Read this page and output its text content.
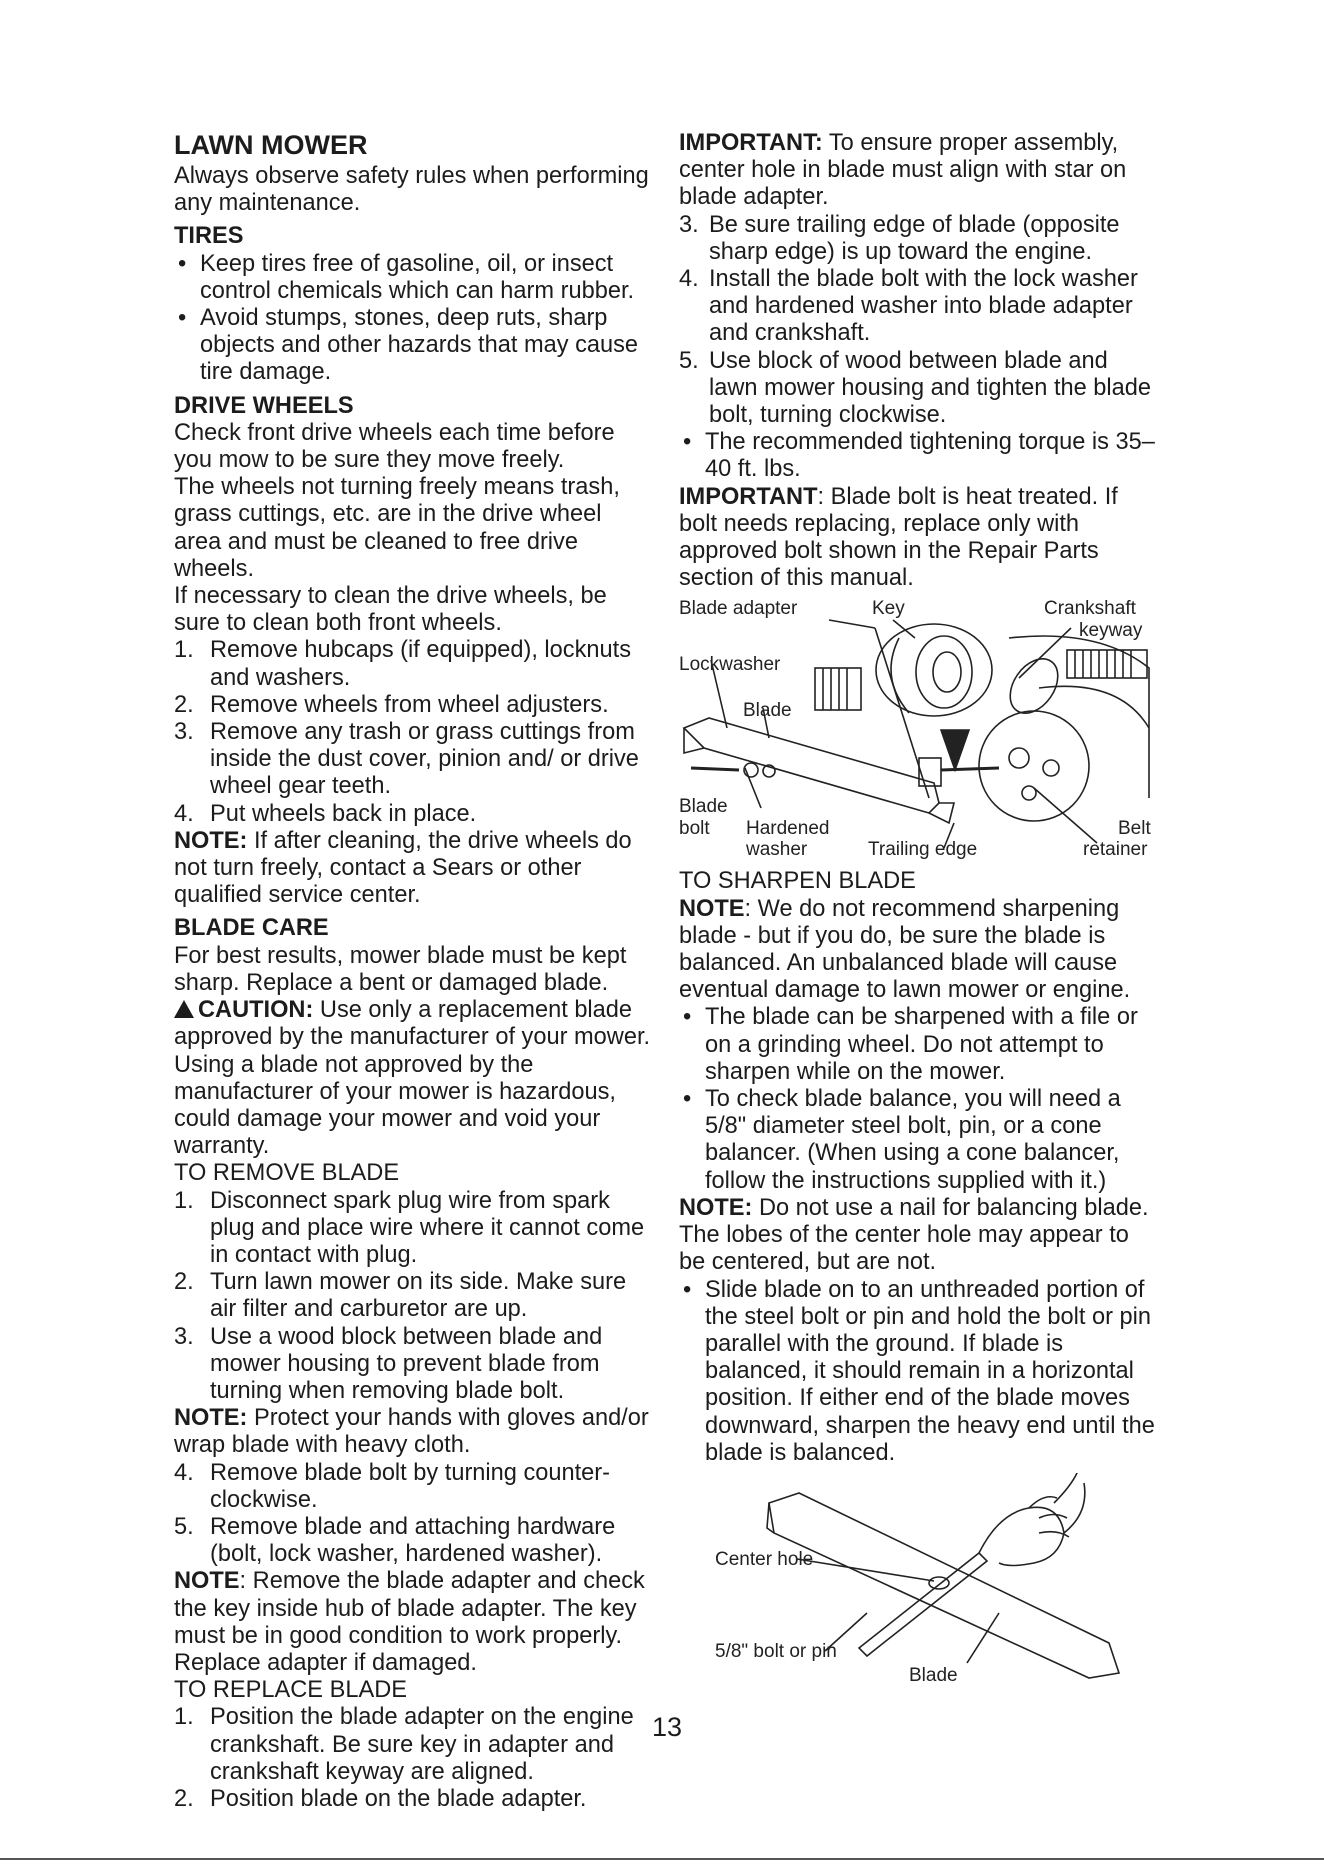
LAWN MOWER

Always observe safety rules when performing any maintenance.

TIRES

• Keep tires free of gasoline, oil, or insect control chemicals which can harm rubber.
• Avoid stumps, stones, deep ruts, sharp objects and other hazards that may cause tire damage.

DRIVE WHEELS

Check front drive wheels each time before you mow to be sure they move freely.

The wheels not turning freely means trash, grass cuttings, etc. are in the drive wheel area and must be cleaned to free drive wheels.

If necessary to clean the drive wheels, be sure to clean both front wheels.

1. Remove hubcaps (if equipped), locknuts and washers.
2. Remove wheels from wheel adjusters.
3. Remove any trash or grass cuttings from inside the dust cover, pinion and/ or drive wheel gear teeth.
4. Put wheels back in place.

NOTE: If after cleaning, the drive wheels do not turn freely, contact a Sears or other qualified service center.

BLADE CARE

For best results, mower blade must be kept sharp. Replace a bent or damaged blade.

CAUTION: Use only a replacement blade approved by the manufacturer of your mower. Using a blade not approved by the manufacturer of your mower is hazardous, could damage your mower and void your warranty.

TO REMOVE BLADE

1. Disconnect spark plug wire from spark plug and place wire where it cannot come in contact with plug.
2. Turn lawn mower on its side. Make sure air filter and carburetor are up.
3. Use a wood block between blade and mower housing to prevent blade from turning when removing blade bolt.

NOTE: Protect your hands with gloves and/or wrap blade with heavy cloth.

4. Remove blade bolt by turning counterclockwise.
5. Remove blade and attaching hardware (bolt, lock washer, hardened washer).

NOTE: Remove the blade adapter and check the key inside hub of blade adapter. The key must be in good condition to work properly. Replace adapter if damaged.

TO REPLACE BLADE

1. Position the blade adapter on the engine crankshaft. Be sure key in adapter and crankshaft keyway are aligned.
2. Position blade on the blade adapter.

IMPORTANT: To ensure proper assembly, center hole in blade must align with star on blade adapter.

3. Be sure trailing edge of blade (opposite sharp edge) is up toward the engine.
4. Install the blade bolt with the lock washer and hardened washer into blade adapter and crankshaft.
5. Use block of wood between blade and lawn mower housing and tighten the blade bolt, turning clockwise.
• The recommended tightening torque is 35–40 ft. lbs.

IMPORTANT: Blade bolt is heat treated. If bolt needs replacing, replace only with approved bolt shown in the Repair Parts section of this manual.

Blade adapter	Key	Crankshaft
keyway
Lockwasher
Blade
Blade
bolt Hardened
washer	Trailing edge
Belt
retainer

TO SHARPEN BLADE

NOTE: We do not recommend sharpening blade - but if you do, be sure the blade is balanced. An unbalanced blade will cause eventual damage to lawn mower or engine.

• The blade can be sharpened with a file or on a grinding wheel. Do not attempt to sharpen while on the mower.
• To check blade balance, you will need a 5/8" diameter steel bolt, pin, or a cone balancer. (When using a cone balancer, follow the instructions supplied with it.)

NOTE: Do not use a nail for balancing blade. The lobes of the center hole may appear to be centered, but are not.

• Slide blade on to an unthreaded portion of the steel bolt or pin and hold the bolt or pin parallel with the ground. If blade is balanced, it should remain in a horizontal position. If either end of the blade moves downward, sharpen the heavy end until the blade is balanced.
Center hole
5/8" bolt or pin
Blade
13
